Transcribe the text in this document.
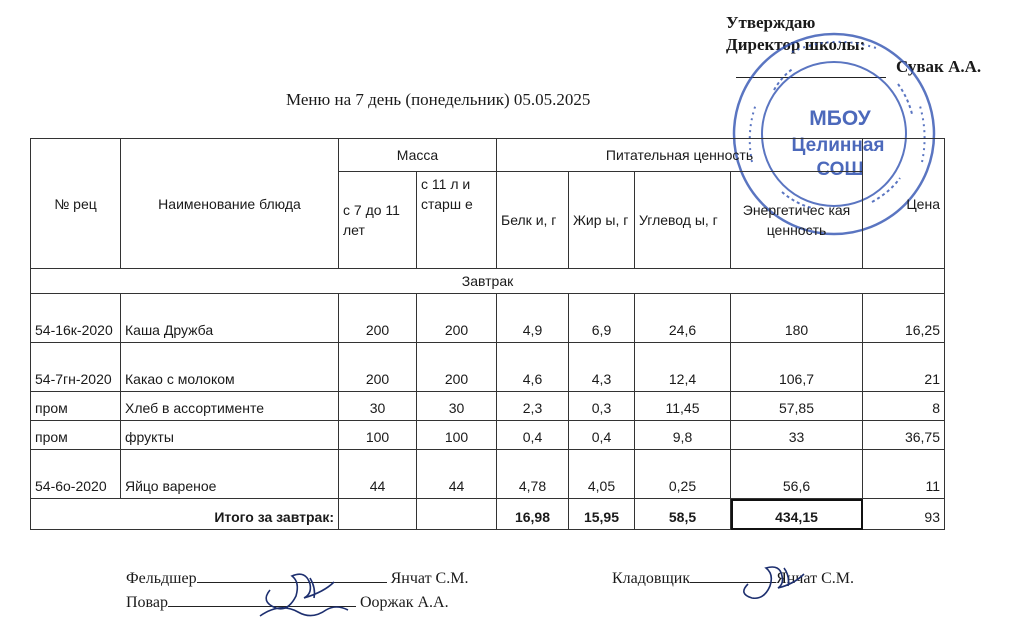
Утверждаю
Директор школы:
Сувак А.А.
МБОУ
Целинная
СОШ
Меню на 7 день (понедельник) 05.05.2025
№ рец	Наименование блюда	Масса		Питательная ценность				Цена
		с 7 до 11 лет	с 11 л и старш е	Белк и, г	Жир ы, г	Углевод ы, г	Энергетичес кая ценность	
Завтрак								
54-16к-2020	Каша Дружба	200	200	4,9	6,9	24,6	180	16,25
54-7гн-2020	Какао с молоком	200	200	4,6	4,3	12,4	106,7	21
пром	Хлеб в ассортименте	30	30	2,3	0,3	11,45	57,85	8
пром	фрукты	100	100	0,4	0,4	9,8	33	36,75
54-6о-2020	Яйцо вареное	44	44	4,78	4,05	0,25	56,6	11
Итого за завтрак:				16,98	15,95	58,5	434,15	93
Фельдшер	Янчат С.М.	Кладовщик	Янчат С.М.
Повар	Ооржак А.А.
